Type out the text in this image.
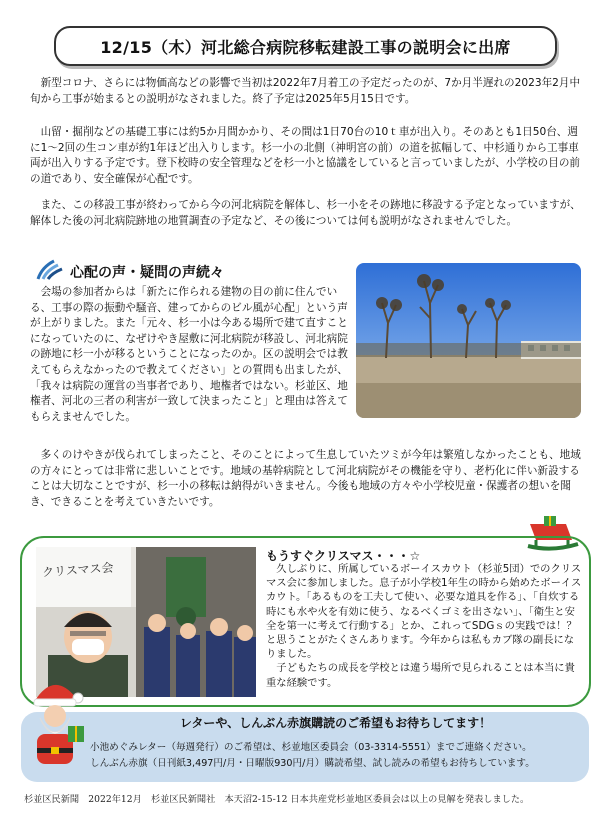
12/15（木）河北総合病院移転建設工事の説明会に出席

新型コロナ、さらには物価高などの影響で当初は2022年7月着工の予定だったのが、7か月半遅れの2023年2月中旬から工事が始まるとの説明がなされました。終了予定は2025年5月15日です。

山留・掘削などの基礎工事には約5か月間かかり、その間は1日70台の10ｔ車が出入り。そのあとも1日50台、週に1～2回の生コン車が約1年ほど出入りします。杉一小の北側（神明宮の前）の道を拡幅して、中杉通りから工事車両が出入りする予定です。登下校時の安全管理などを杉一小と協議をしていると言っていましたが、小学校の目の前の道であり、安全確保が心配です。

また、この移設工事が終わってから今の河北病院を解体し、杉一小をその跡地に移設する予定となっていますが、解体した後の河北病院跡地の地質調査の予定など、その後については何も説明がなされませんでした。

心配の声・疑問の声続々

会場の参加者からは「新たに作られる建物の目の前に住んでいる、工事の際の振動や騒音、建ってからのビル風が心配」という声が上がりました。また「元々、杉一小は今ある場所で建て直すことになっていたのに、なぜけやき屋敷に河北病院が移設し、河北病院の跡地に杉一小が移るということになったのか。区の説明会では教えてもらえなかったので教えてください」との質問も出ましたが、「我々は病院の運営の当事者であり、地権者ではない。杉並区、地権者、河北の三者の利害が一致して決まったこと」と理由は答えてもらえませんでした。

多くのけやきが伐られてしまったこと、そのことによって生息していたツミが今年は繁殖しなかったことも、地域の方々にとっては非常に悲しいことです。地域の基幹病院として河北病院がその機能を守り、老朽化に伴い新設することは大切なことですが、杉一小の移転は納得がいきません。今後も地域の方々や小学校児童・保護者の想いを聞き、できることを考えていきたいです。

クリスマス会
もうすぐクリスマス・・・☆

久しぶりに、所属しているボーイスカウト（杉並5団）でのクリスマス会に参加しました。息子が小学校1年生の時から始めたボーイスカウト。「あるものを工夫して使い、必要な道具を作る」、「自炊する時にも水や火を有効に使う、なるべくゴミを出さない」、「衛生と安全を第一に考えて行動する」とか、これってSDGｓの実践では！？と思うことがたくさんあります。今年からは私もカブ隊の副長になりました。
子どもたちの成長を学校とは違う場所で見られることは本当に貴重な経験です。

レターや、しんぶん赤旗購読のご希望もお待ちしてます！
小池めぐみレター（毎週発行）のご希望は、杉並地区委員会（03-3314-5551）までご連絡ください。
しんぶん赤旗（日刊紙3,497円/月・日曜版930円/月）購読希望、試し読みの希望もお待ちしています。
杉並区民新聞　2022年12月　杉並区民新聞社　本天沼2-15-12 日本共産党杉並地区委員会は以上の見解を発表しました。
